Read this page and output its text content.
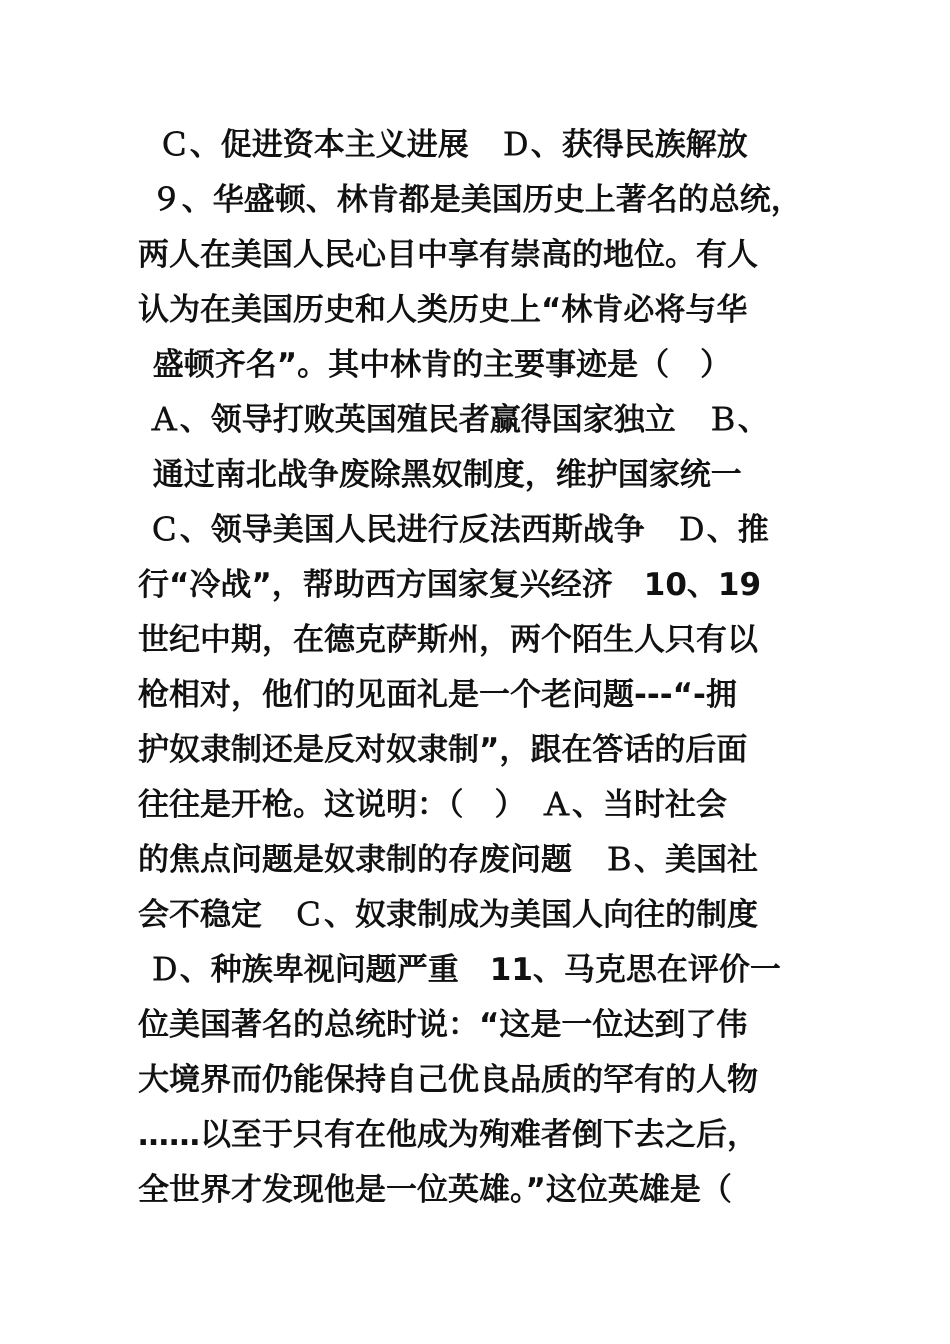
Ｃ、促进资本主义进展　Ｄ、获得民族解放
９、华盛顿、林肯都是美国历史上著名的总统，
两人在美国人民心目中享有崇高的地位。有人
认为在美国历史和人类历史上“林肯必将与华
盛顿齐名”。其中林肯的主要事迹是（　）
Ａ、领导打败英国殖民者赢得国家独立　Ｂ、
通过南北战争废除黑奴制度，维护国家统一
Ｃ、领导美国人民进行反法西斯战争　Ｄ、推
行“冷战”，帮助西方国家复兴经济　10、19
世纪中期，在德克萨斯州，两个陌生人只有以
枪相对，他们的见面礼是一个老问题---“-拥
护奴隶制还是反对奴隶制”，跟在答话的后面
往往是开枪。这说明：（　）　Ａ、当时社会
的焦点问题是奴隶制的存废问题　Ｂ、美国社
会不稳定　Ｃ、奴隶制成为美国人向往的制度
Ｄ、种族卑视问题严重　11、马克思在评价一
位美国著名的总统时说：“这是一位达到了伟
大境界而仍能保持自己优良品质的罕有的人物
……以至于只有在他成为殉难者倒下去之后，
全世界才发现他是一位英雄。”这位英雄是（
